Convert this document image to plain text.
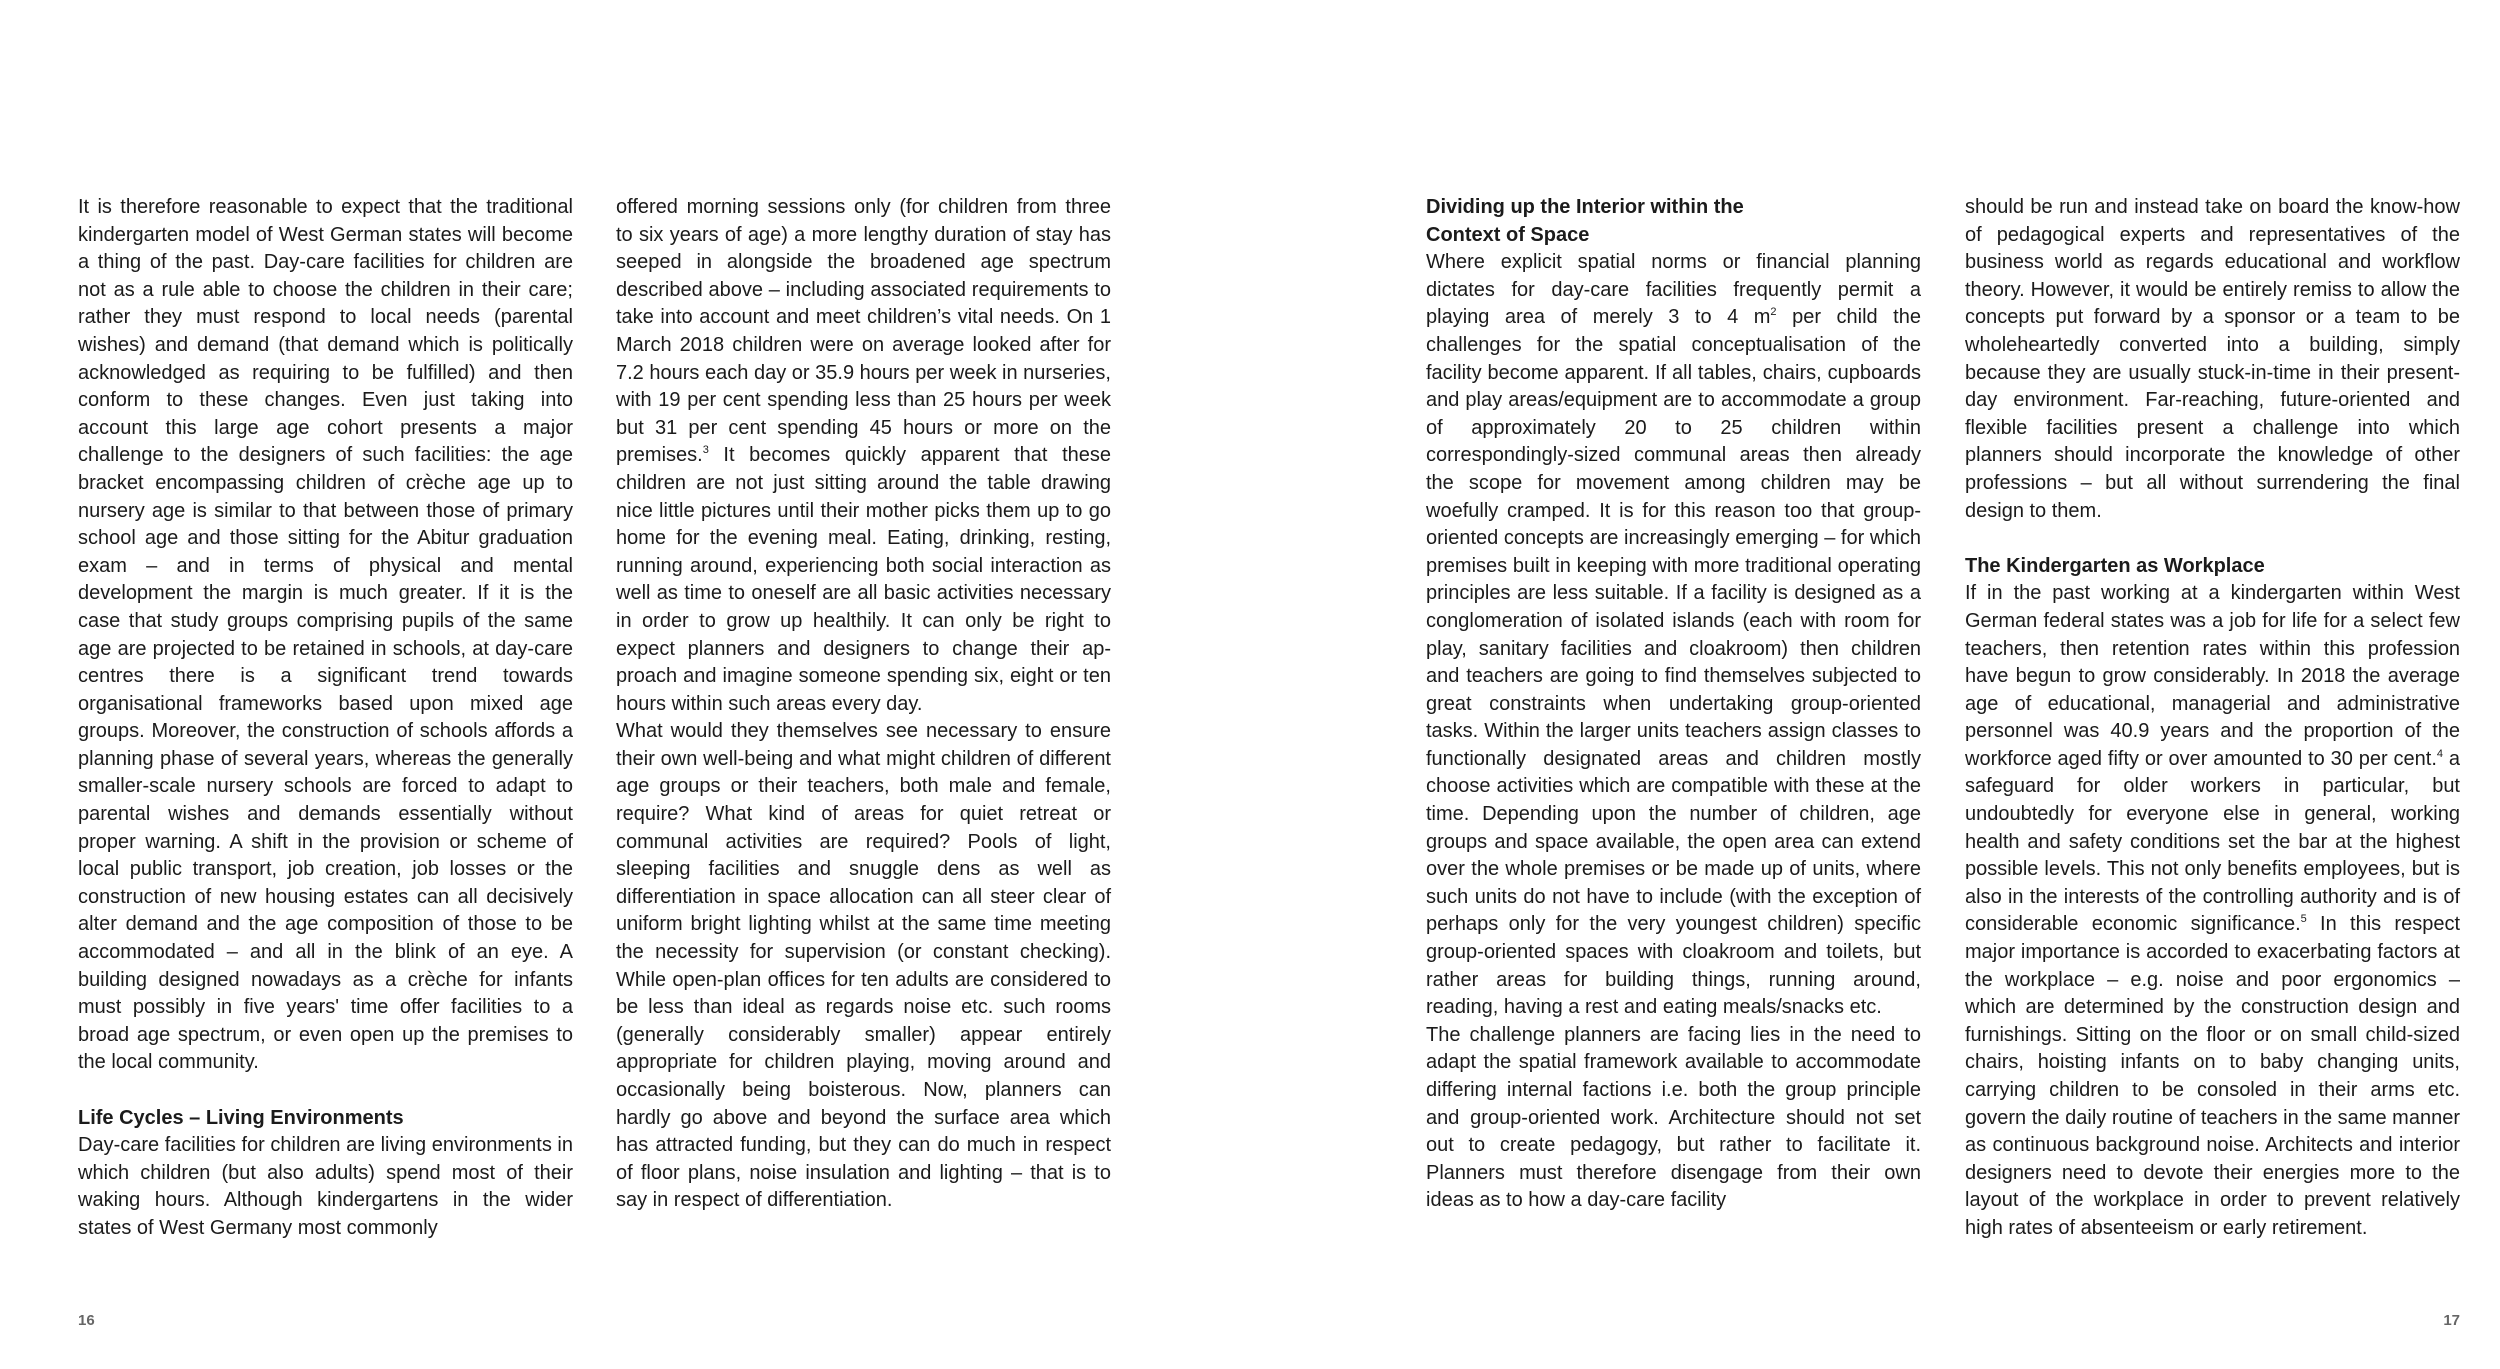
It is therefore reasonable to expect that the traditional kindergarten model of West German states will become a thing of the past. Day-care facilities for children are not as a rule able to choose the children in their care; rather they must respond to local needs (parental wishes) and demand (that demand which is politically acknowledged as requiring to be fulfilled) and then conform to these changes. Even just taking into account this large age cohort presents a major challenge to the designers of such facilities: the age bracket encompassing children of crèche age up to nursery age is similar to that between those of primary school age and those sitting for the Abitur graduation exam – and in terms of physical and mental development the margin is much greater. If it is the case that study groups comprising pupils of the same age are projected to be retained in schools, at day-care centres there is a significant trend towards organisational frameworks based upon mixed age groups. Moreover, the construction of schools affords a planning phase of several years, whereas the generally smaller-scale nursery schools are forced to adapt to parental wishes and demands essentially without proper warning. A shift in the provision or scheme of local public transport, job creation, job losses or the construction of new housing estates can all decisively alter demand and the age composition of those to be accommodated – and all in the blink of an eye. A building designed nowadays as a crèche for infants must possibly in five years' time offer facilities to a broad age spectrum, or even open up the premises to the local community.

Life Cycles – Living Environments

Day-care facilities for children are living environments in which children (but also adults) spend most of their waking hours. Although kindergartens in the wider states of West Germany most commonly

offered morning sessions only (for children from three to six years of age) a more lengthy duration of stay has seeped in alongside the broadened age spectrum described above – including associated requirements to take into account and meet children’s vital needs. On 1 March 2018 children were on average looked after for 7.2 hours each day or 35.9 hours per week in nurseries, with 19 per cent spending less than 25 hours per week but 31 per cent spending 45 hours or more on the premises.$^3$ It becomes quickly apparent that these children are not just sitting around the table drawing nice little pictures until their mother picks them up to go home for the evening meal. Eating, drinking, resting, running around, experiencing both social interaction as well as time to oneself are all basic activities necessary in order to grow up healthily. It can only be right to expect planners and designers to change their approach and imagine someone spending six, eight or ten hours within such areas every day.

What would they themselves see necessary to ensure their own well-being and what might children of different age groups or their teachers, both male and female, require? What kind of areas for quiet retreat or communal activities are required? Pools of light, sleeping facilities and snuggle dens as well as differentiation in space allocation can all steer clear of uniform bright lighting whilst at the same time meeting the necessity for supervision (or constant checking). While open-plan offices for ten adults are considered to be less than ideal as regards noise etc. such rooms (generally considerably smaller) appear entirely appropriate for children playing, moving around and occasionally being boisterous. Now, planners can hardly go above and beyond the surface area which has attracted funding, but they can do much in respect of floor plans, noise insulation and lighting – that is to say in respect of differentiation.

16
Dividing up the Interior within the
Context of Space

Where explicit spatial norms or financial planning dictates for day-care facilities frequently permit a playing area of merely 3 to 4 $m^2$ per child the challenges for the spatial conceptualisation of the facility become apparent. If all tables, chairs, cupboards and play areas/equipment are to accommodate a group of approximately 20 to 25 children within correspondingly-sized communal areas then already the scope for movement among children may be woefully cramped. It is for this reason too that group-oriented concepts are increasingly emerging – for which premises built in keeping with more traditional operating principles are less suitable. If a facility is designed as a conglomeration of isolated islands (each with room for play, sanitary facilities and cloakroom) then children and teachers are going to find themselves subjected to great constraints when undertaking group-oriented tasks. Within the larger units teachers assign classes to functionally designated areas and children mostly choose activities which are compatible with these at the time. Depending upon the number of children, age groups and space available, the open area can extend over the whole premises or be made up of units, where such units do not have to include (with the exception of perhaps only for the very youngest children) specific group-oriented spaces with cloakroom and toilets, but rather areas for building things, running around, reading, having a rest and eating meals/snacks etc.

The challenge planners are facing lies in the need to adapt the spatial framework available to accommodate differing internal factions i.e. both the group principle and group-oriented work. Architecture should not set out to create pedagogy, but rather to facilitate it. Planners must therefore disengage from their own ideas as to how a day-care facility

should be run and instead take on board the know-how of pedagogical experts and representatives of the business world as regards educational and workflow theory. However, it would be entirely remiss to allow the concepts put forward by a sponsor or a team to be wholeheartedly converted into a building, simply because they are usually stuck-in-time in their present-day environment. Far-reaching, future-oriented and flexible facilities present a challenge into which planners should incorporate the knowledge of other professions – but all without surrendering the final design to them.

The Kindergarten as Workplace

If in the past working at a kindergarten within West German federal states was a job for life for a select few teachers, then retention rates within this profession have begun to grow considerably. In 2018 the average age of educational, managerial and administrative personnel was 40.9 years and the proportion of the workforce aged fifty or over amounted to 30 per cent.$^4$ a safeguard for older workers in particular, but undoubtedly for everyone else in general, working health and safety conditions set the bar at the highest possible levels. This not only benefits employees, but is also in the interests of the controlling authority and is of considerable economic significance.$^5$ In this respect major importance is accorded to exacerbating factors at the workplace – e.g. noise and poor ergonomics – which are determined by the construction design and furnishings. Sitting on the floor or on small child-sized chairs, hoisting infants on to baby changing units, carrying children to be consoled in their arms etc. govern the daily routine of teachers in the same manner as continuous background noise. Architects and interior designers need to devote their energies more to the layout of the workplace in order to prevent relatively high rates of absenteeism or early retirement.

17
